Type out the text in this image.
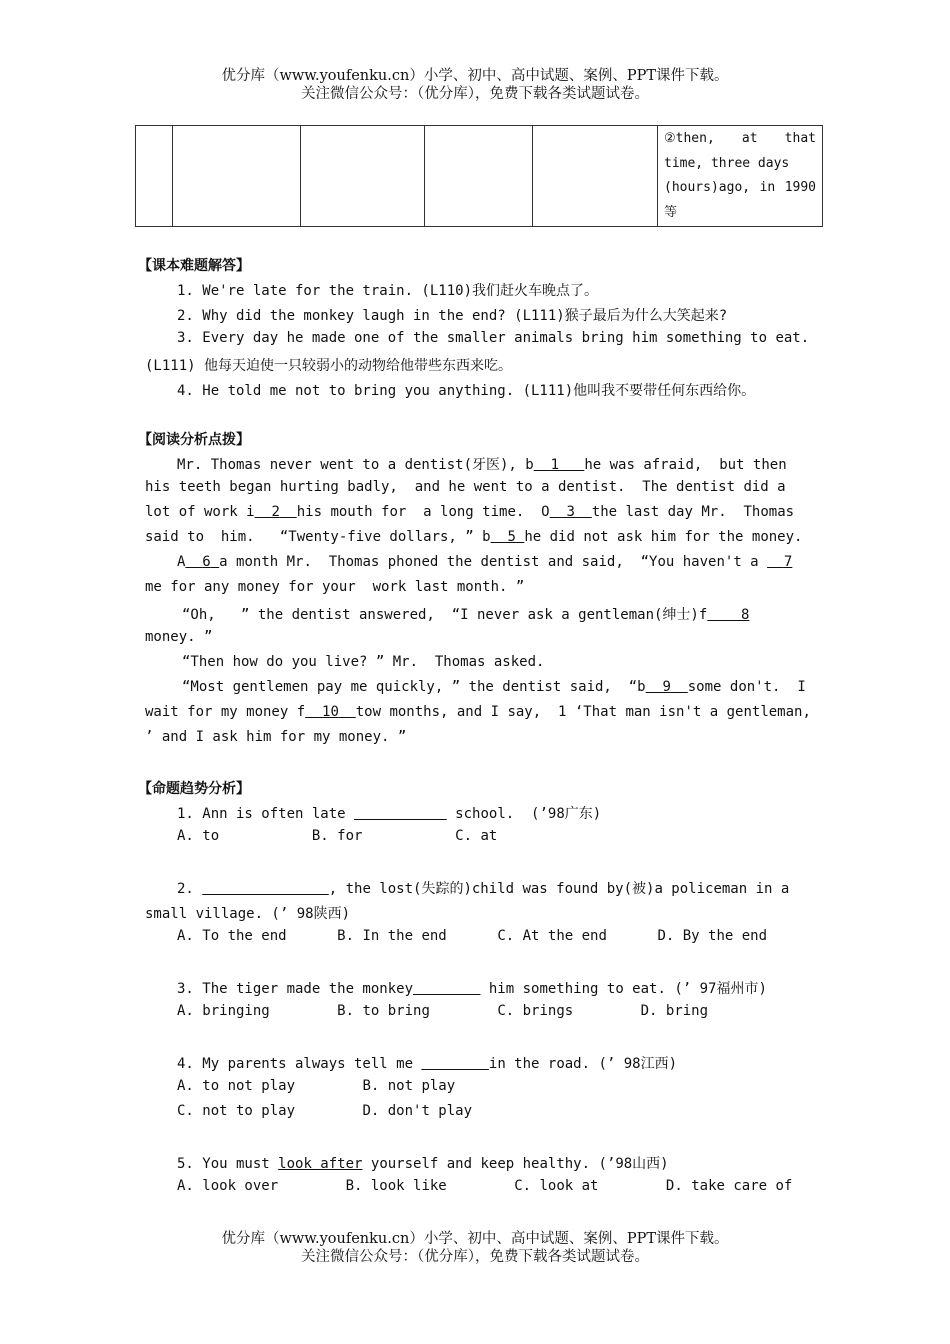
优分库（www.youfenku.cn）小学、初中、高中试题、案例、PPT课件下载。
关注微信公众号：（优分库），免费下载各类试题试卷。

②then, at that
time, three days
(hours)ago, in 1990
等
【课本难题解答】
1. We're late for the train. (L110)我们赶火车晚点了。
2. Why did the monkey laugh in the end? (L111)猴子最后为什么大笑起来?
3. Every day he made one of the smaller animals bring him something to eat.
(L111) 他每天迫使一只较弱小的动物给他带些东西来吃。
4. He told me not to bring you anything. (L111)他叫我不要带任何东西给你。
【阅读分析点拨】
Mr. Thomas never went to a dentist(牙医), b 1 he was afraid,  but then
his teeth began hurting badly,  and he went to a dentist.  The dentist did a
lot of work i 2 his mouth for  a long time.  O 3 the last day Mr.  Thomas
said to  him.   “Twenty-five dollars, ” b 5 he did not ask him for the money.
A 6 a month Mr.  Thomas phoned the dentist and said,  “You haven't a 7
me for any money for your  work last month. ”
“Oh,   ” the dentist answered,  “I never ask a gentleman(绅士)f 8
money. ”
“Then how do you live? ” Mr.  Thomas asked.
“Most gentlemen pay me quickly, ” the dentist said,  “b 9 some don't.  I
wait for my money f 10 tow months, and I say,  1 ‘That man isn't a gentleman,
’ and I ask him for my money. ”
【命题趋势分析】
1. Ann is often late	school.  (’98广东)
A. to	B. for	C. at
2.	, the lost(失踪的)child was found by(被)a policeman in a
small village. (’ 98陕西)
A. To the end	B. In the end	C. At the end	D. By the end
3. The tiger made the monkey	him something to eat. (’ 97福州市)
A. bringing	B. to bring	C. brings	D. bring
4. My parents always tell me	in the road. (’ 98江西)
A. to not play	B. not play
C. not to play	D. don't play
5. You must look after yourself and keep healthy. (’98山西)
A. look over	B. look like	C. look at	D. take care of
优分库（www.youfenku.cn）小学、初中、高中试题、案例、PPT课件下载。
关注微信公众号：（优分库），免费下载各类试题试卷。
